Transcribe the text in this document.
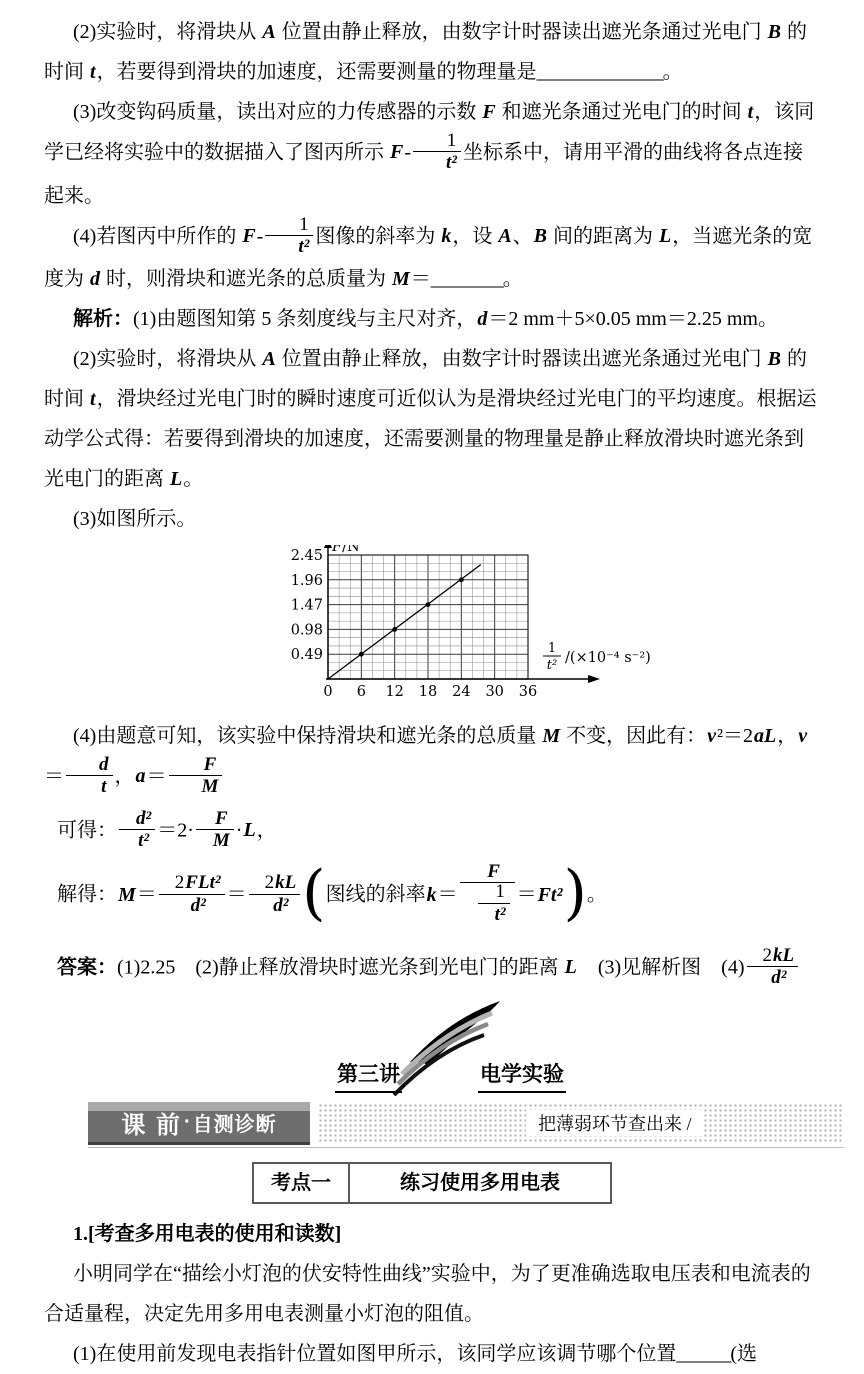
(2)实验时，将滑块从 A 位置由静止释放，由数字计时器读出遮光条通过光电门 B 的时间 t，若要得到滑块的加速度，还需要测量的物理量是______________。

(3)改变钩码质量，读出对应的力传感器的示数 F 和遮光条通过光电门的时间 t，该同学已经将实验中的数据描入了图丙所示 $F- \frac{1}{\text{t²}}$ 坐标系中，请用平滑的曲线将各点连接起来。

(4)若图丙中所作的 $F- \frac{1}{\text{t²}}$ 图像的斜率为 k，设 A、B 间的距离为 L，当遮光条的宽度为 d 时，则滑块和遮光条的总质量为 M＝________。

解析：(1)由题图知第 5 条刻度线与主尺对齐，d＝2 mm＋5×0.05 mm＝2.25 mm。

(2)实验时，将滑块从 A 位置由静止释放，由数字计时器读出遮光条通过光电门 B 的时间 t，滑块经过光电门时的瞬时速度可近似认为是滑块经过光电门的平均速度。根据运动学公式得：若要得到滑块的加速度，还需要测量的物理量是静止释放滑块时遮光条到光电门的距离 L。

(3)如图所示。

0 6 12 18 24 30 36
0.49
0.98
1.47
1.96
2.45
F/N
1
t² /(×10⁻⁴ s⁻²)

(4)由题意可知，该实验中保持滑块和遮光条的总质量 M 不变，因此有：v²＝2aL，$v= \frac{d}{t}$ ，$a= \frac{F}{M}$

可得： $\frac{\text{d²}}{\text{t²}} =2\cdot \frac{F}{M} \cdot L$，

解得：$M= \frac{\text{2FLt²}}{\text{d²}} = \frac{2kL}{\text{d²}}$ (图线的斜率$k= \frac{F}{\frac{1}{\text{t²}}} =Ft^2$)。

答案：(1)2.25　(2)静止释放滑块时遮光条到光电门的距离 L　(3)见解析图　$(4) \frac{2kL}{\text{d²}}$

第三讲	电学实验
课 前 · 自测诊断	把薄弱环节查出来 /
考点一	练习使用多用电表

1.[考查多用电表的使用和读数]

小明同学在“描绘小灯泡的伏安特性曲线”实验中，为了更准确选取电压表和电流表的合适量程，决定先用多用电表测量小灯泡的阻值。

(1)在使用前发现电表指针位置如图甲所示，该同学应该调节哪个位置______(选
